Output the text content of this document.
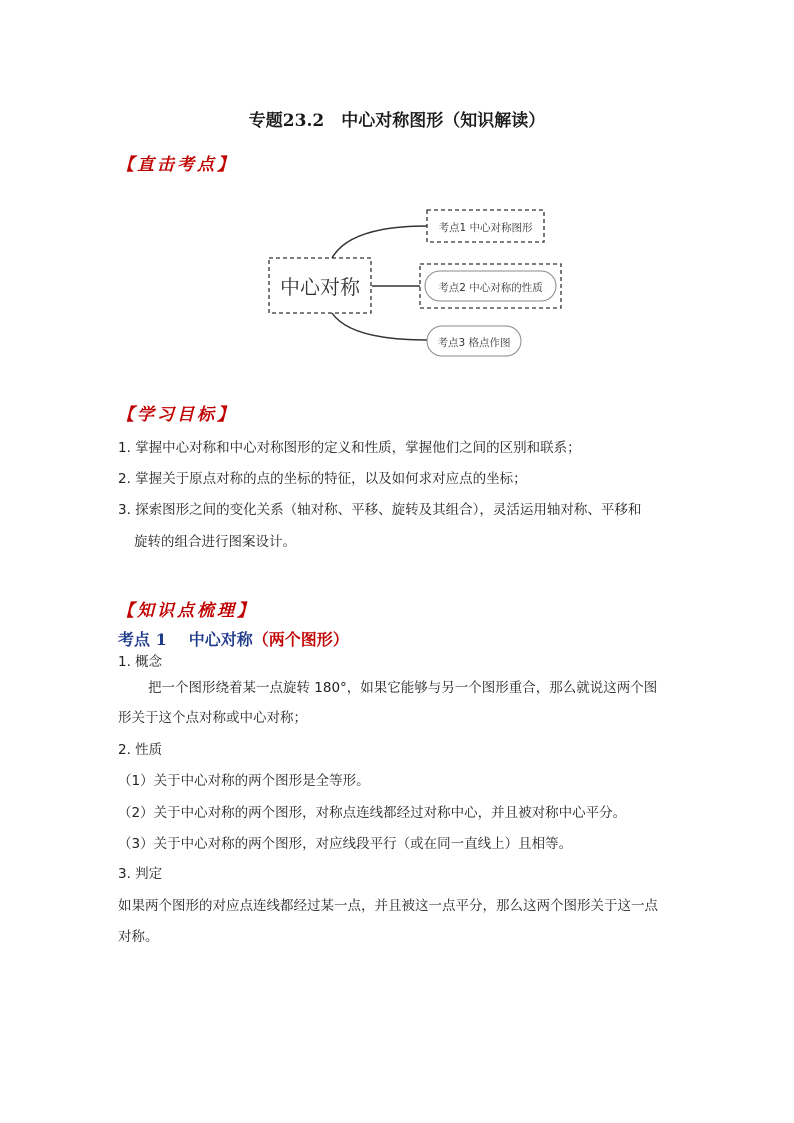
专题23.2　中心对称图形（知识解读）
【直击考点】
中心对称
考点1 中心对称图形
考点2 中心对称的性质
考点3 格点作图
【学习目标】
1. 掌握中心对称和中心对称图形的定义和性质，掌握他们之间的区别和联系；
2. 掌握关于原点对称的点的坐标的特征，以及如何求对应点的坐标；
3. 探索图形之间的变化关系（轴对称、平移、旋转及其组合），灵活运用轴对称、平移和
旋转的组合进行图案设计。
【知识点梳理】
考点 1 中心对称（两个图形）
1. 概念
把一个图形绕着某一点旋转 180°，如果它能够与另一个图形重合，那么就说这两个图
形关于这个点对称或中心对称；
2. 性质
（1）关于中心对称的两个图形是全等形。
（2）关于中心对称的两个图形，对称点连线都经过对称中心，并且被对称中心平分。
（3）关于中心对称的两个图形，对应线段平行（或在同一直线上）且相等。
3. 判定
如果两个图形的对应点连线都经过某一点，并且被这一点平分，那么这两个图形关于这一点
对称。
